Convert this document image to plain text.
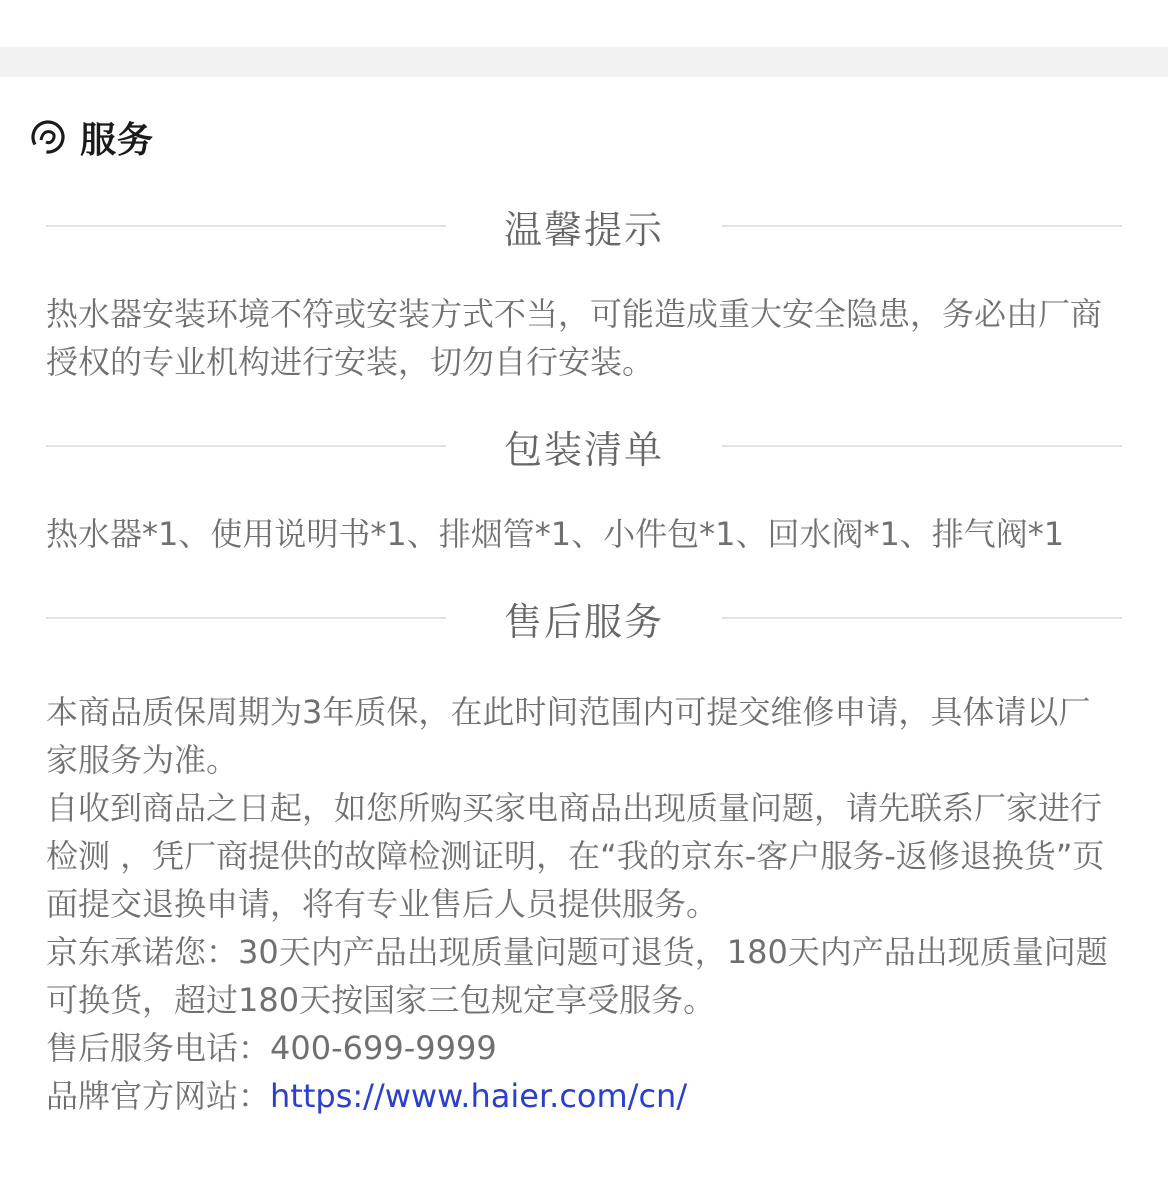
服务
温馨提示

热水器安装环境不符或安装方式不当，可能造成重大安全隐患，务必由厂商授权的专业机构进行安装，切勿自行安装。

包装清单

热水器*1、使用说明书*1、排烟管*1、小件包*1、回水阀*1、排气阀*1

售后服务

本商品质保周期为3年质保，在此时间范围内可提交维修申请，具体请以厂家服务为准。

自收到商品之日起，如您所购买家电商品出现质量问题，请先联系厂家进行检测 ，凭厂商提供的故障检测证明，在“我的京东-客户服务-返修退换货”页面提交退换申请，将有专业售后人员提供服务。

京东承诺您：30天内产品出现质量问题可退货，180天内产品出现质量问题可换货，超过180天按国家三包规定享受服务。

售后服务电话：400-699-9999

品牌官方网站：https://www.haier.com/cn/
